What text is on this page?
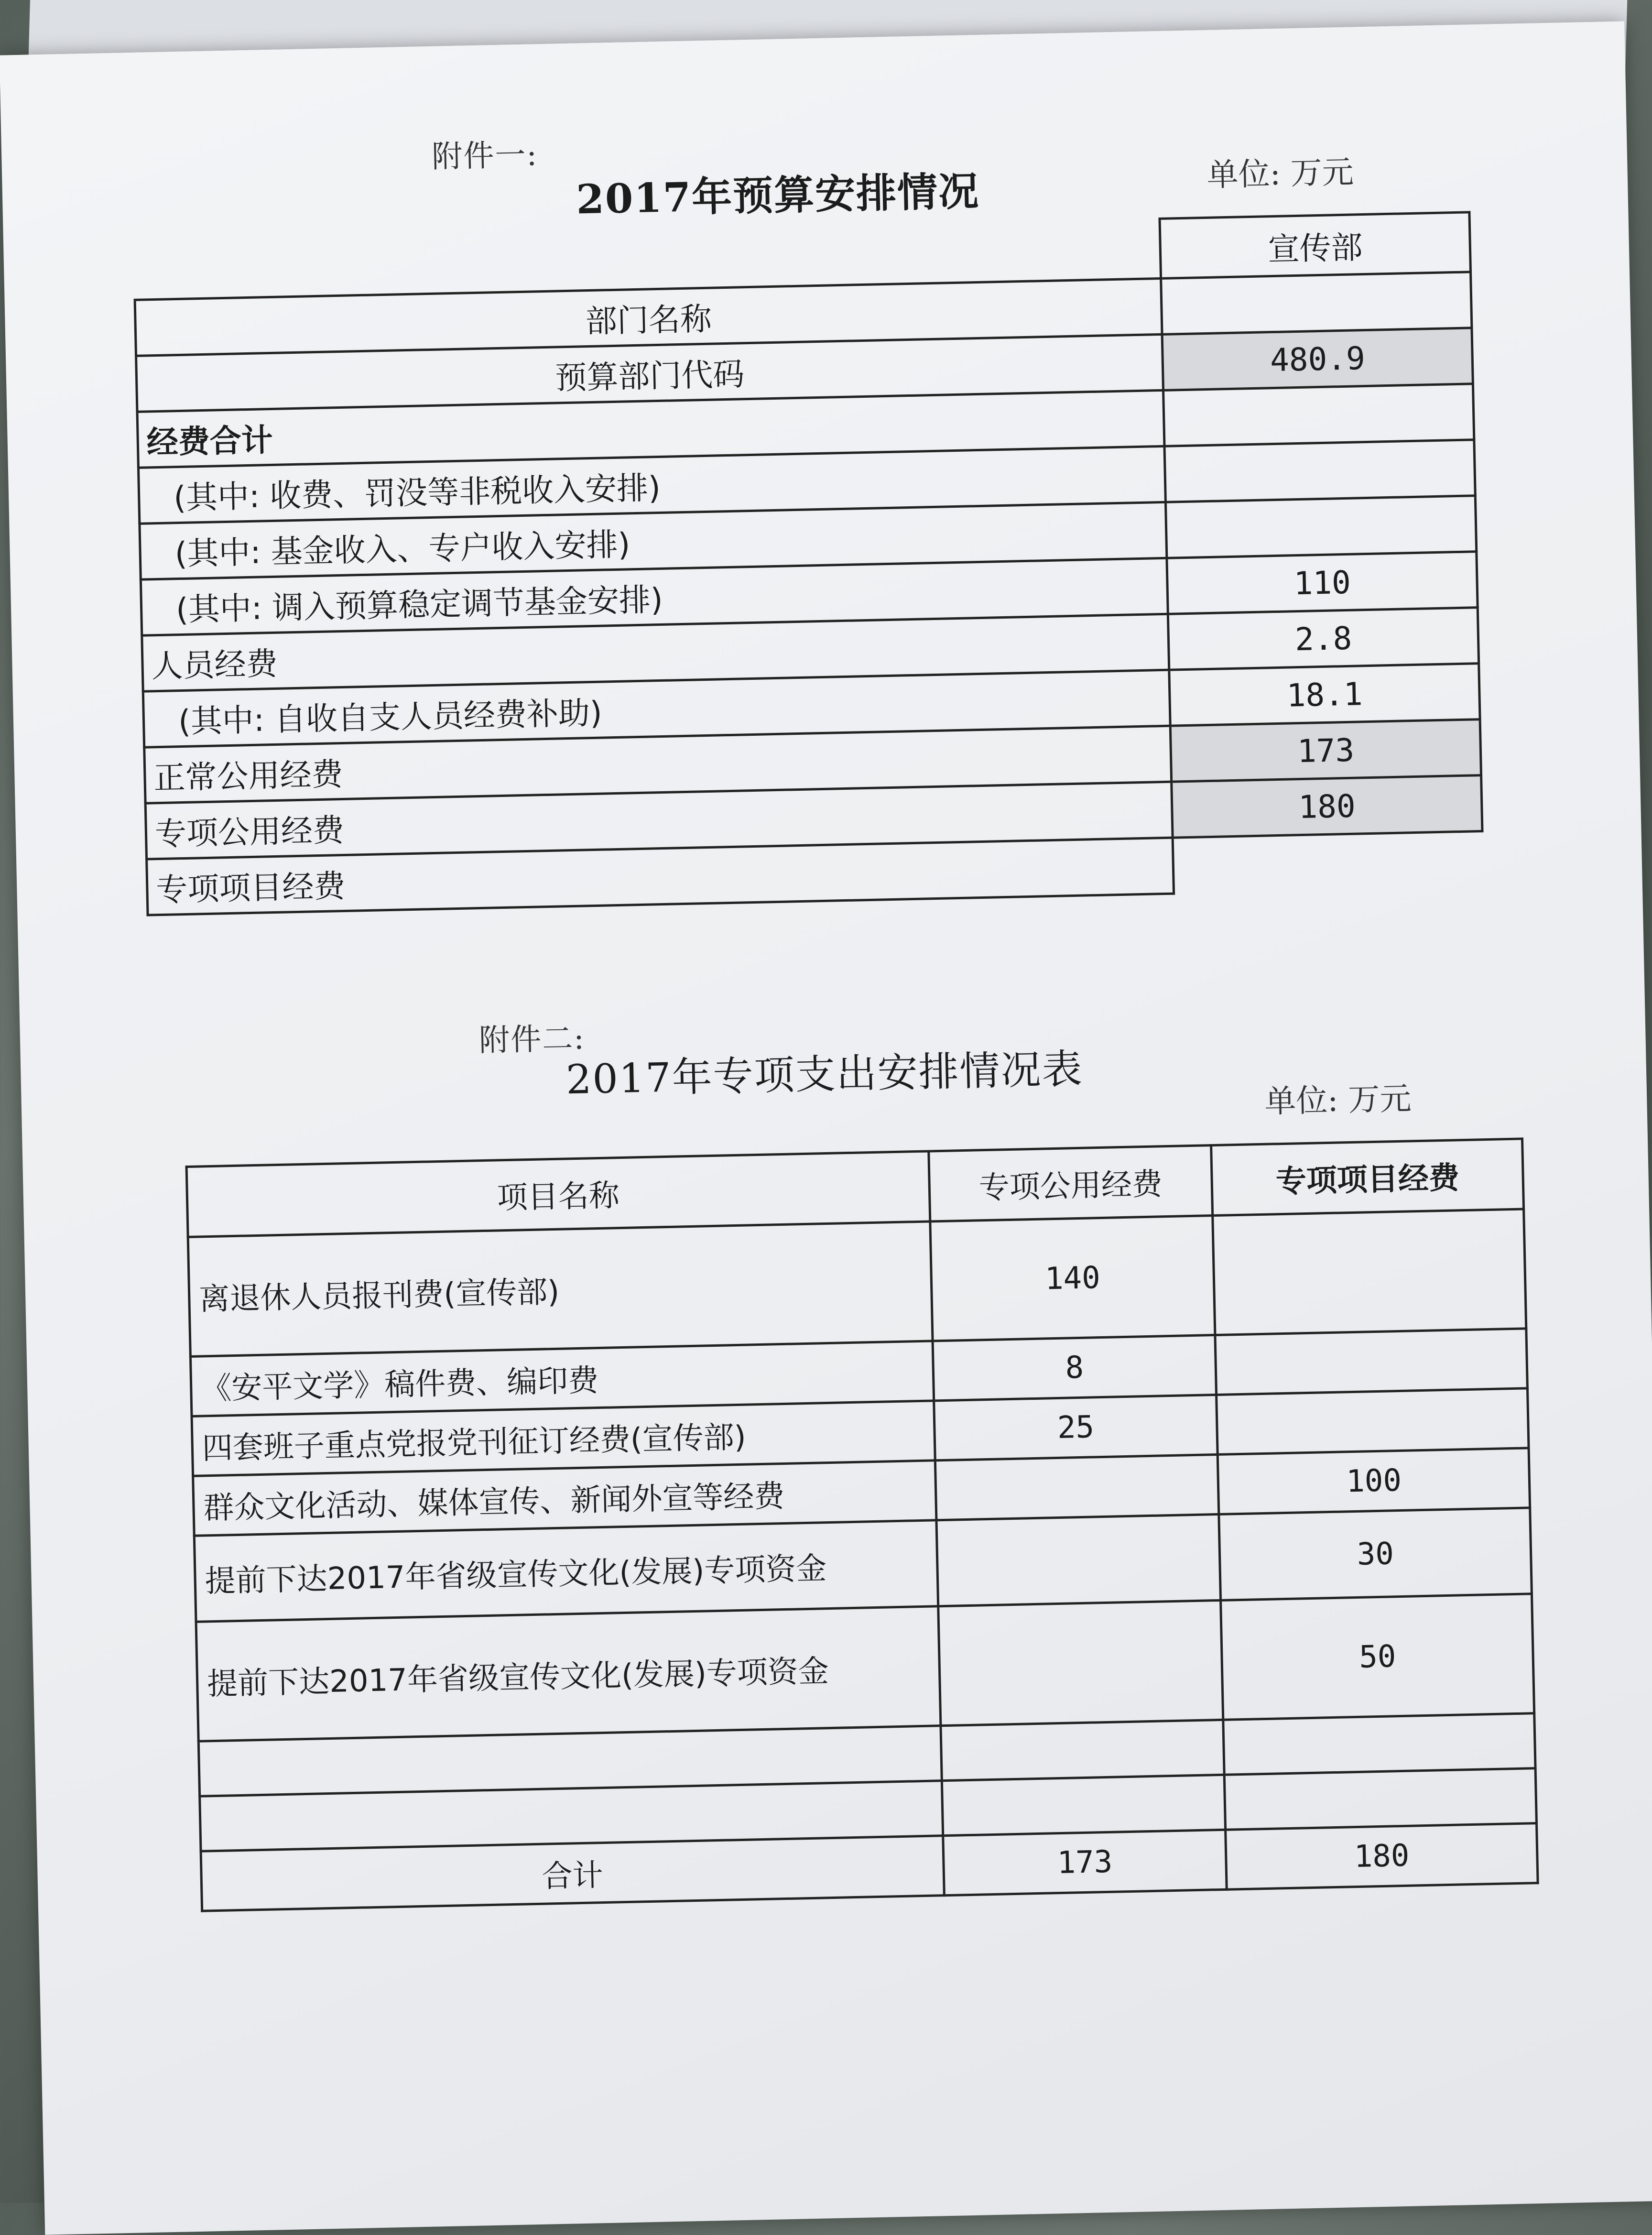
附件一:
2017年预算安排情况	单位: 万元
	宣传部
部门名称	
预算部门代码	480.9
经费合计	
(其中: 收费、罚没等非税收入安排)	
(其中: 基金收入、专户收入安排)	
(其中: 调入预算稳定调节基金安排)	110
人员经费	2.8
(其中: 自收自支人员经费补助)	18.1
正常公用经费	173
专项公用经费	180
专项项目经费	
附件二:
2017年专项支出安排情况表	单位: 万元
项目名称	专项公用经费	专项项目经费
离退休人员报刊费(宣传部)	140	
《安平文学》稿件费、编印费	8	
四套班子重点党报党刊征订经费(宣传部)	25	
群众文化活动、媒体宣传、新闻外宣等经费		100
提前下达2017年省级宣传文化(发展)专项资金		30
提前下达2017年省级宣传文化(发展)专项资金		50

合计	173	180
